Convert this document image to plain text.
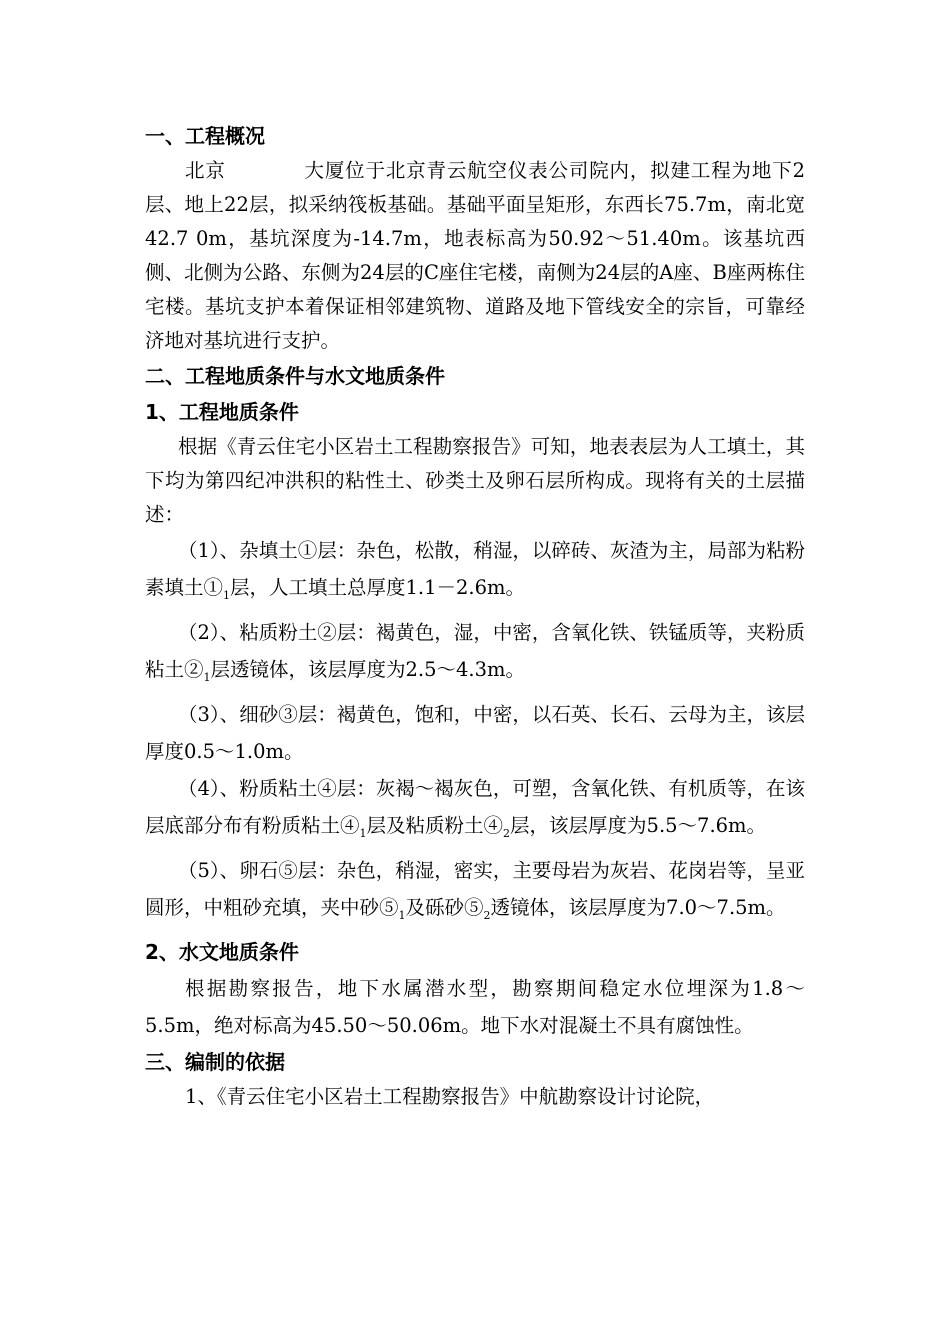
一、工程概况

北京	大厦位于北京青云航空仪表公司院内，拟建工程为地下2层、地上22层，拟采纳筏板基础。基础平面呈矩形，东西长75.7m，南北宽42.7 0m，基坑深度为-14.7m，地表标高为50.92～51.40m。该基坑西侧、北侧为公路、东侧为24层的C座住宅楼，南侧为24层的A座、B座两栋住宅楼。基坑支护本着保证相邻建筑物、道路及地下管线安全的宗旨，可靠经济地对基坑进行支护。

二、工程地质条件与水文地质条件
1、工程地质条件

根据《青云住宅小区岩土工程勘察报告》可知，地表表层为人工填土，其下均为第四纪冲洪积的粘性土、砂类土及卵石层所构成。现将有关的土层描述：

（1）、杂填土①层：杂色，松散，稍湿，以碎砖、灰渣为主，局部为粘粉素填土$①_1$层，人工填土总厚度1.1－2.6m。

（2）、粘质粉土②层：褐黄色，湿，中密，含氧化铁、铁锰质等，夹粉质粘土$②_1$层透镜体，该层厚度为2.5～4.3m。

（3）、细砂③层：褐黄色，饱和，中密，以石英、长石、云母为主，该层厚度0.5～1.0m。

（4）、粉质粘土④层：灰褐～褐灰色，可塑，含氧化铁、有机质等，在该层底部分布有粉质粘土$④_1$层及粘质粉土$④_2$层，该层厚度为5.5～7.6m。

（5）、卵石⑤层：杂色，稍湿，密实，主要母岩为灰岩、花岗岩等，呈亚圆形，中粗砂充填，夹中砂$⑤_1$及砾砂$⑤_2$透镜体，该层厚度为7.0～7.5m。

2、水文地质条件

根据勘察报告，地下水属潜水型，勘察期间稳定水位埋深为1.8～5.5m，绝对标高为45.50～50.06m。地下水对混凝土不具有腐蚀性。

三、编制的依据

1、《青云住宅小区岩土工程勘察报告》中航勘察设计讨论院，
